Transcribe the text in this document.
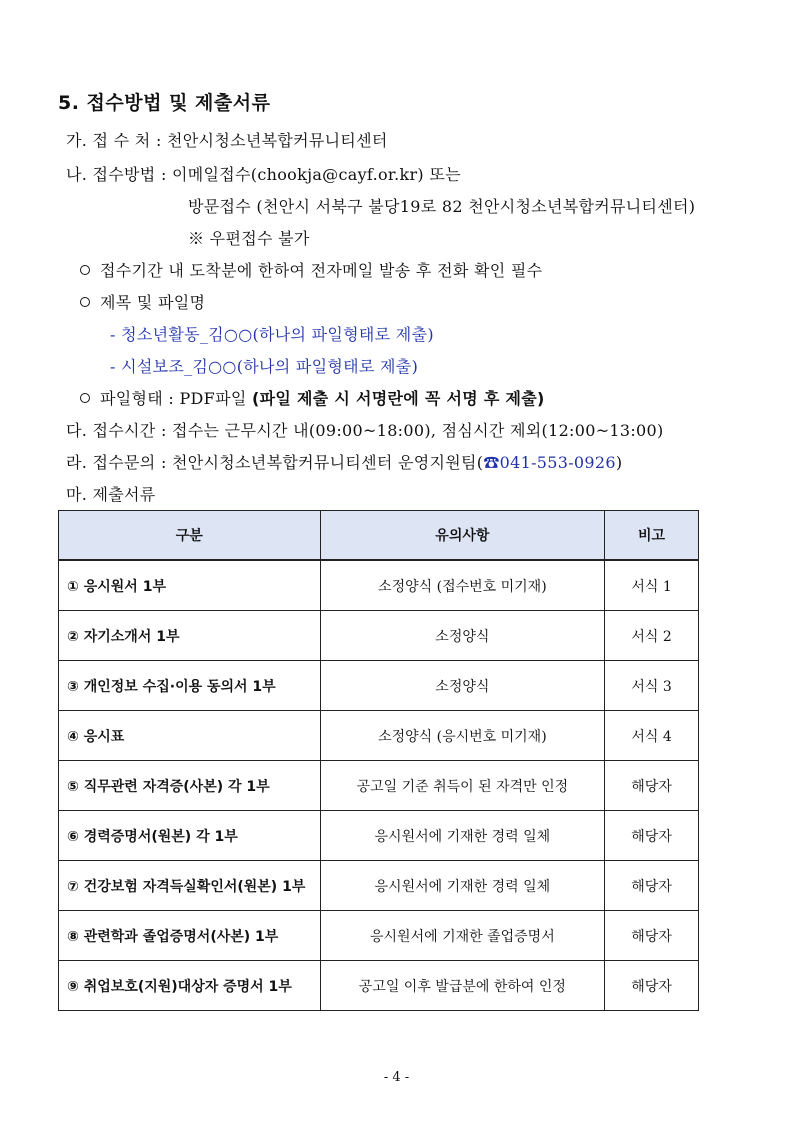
5. 접수방법 및 제출서류
가. 접 수 처 : 천안시청소년복합커뮤니티센터
나. 접수방법 : 이메일접수(chookja@cayf.or.kr) 또는
방문접수 (천안시 서북구 불당19로 82 천안시청소년복합커뮤니티센터)
※ 우편접수 불가
접수기간 내 도착분에 한하여 전자메일 발송 후 전화 확인 필수
제목 및 파일명
- 청소년활동_김○○(하나의 파일형태로 제출)
- 시설보조_김○○(하나의 파일형태로 제출)
파일형태 : PDF파일 (파일 제출 시 서명란에 꼭 서명 후 제출)
다. 접수시간 : 접수는 근무시간 내(09:00~18:00), 점심시간 제외(12:00~13:00)
라. 접수문의 : 천안시청소년복합커뮤니티센터 운영지원팀(☎041-553-0926)
마. 제출서류
구분	유의사항	비고
① 응시원서 1부	소정양식 (접수번호 미기재)	서식 1
② 자기소개서 1부	소정양식	서식 2
③ 개인정보 수집·이용 동의서 1부	소정양식	서식 3
④ 응시표	소정양식 (응시번호 미기재)	서식 4
⑤ 직무관련 자격증(사본) 각 1부	공고일 기준 취득이 된 자격만 인정	해당자
⑥ 경력증명서(원본) 각 1부	응시원서에 기재한 경력 일체	해당자
⑦ 건강보험 자격득실확인서(원본) 1부	응시원서에 기재한 경력 일체	해당자
⑧ 관련학과 졸업증명서(사본) 1부	응시원서에 기재한 졸업증명서	해당자
⑨ 취업보호(지원)대상자 증명서 1부	공고일 이후 발급분에 한하여 인정	해당자
- 4 -
